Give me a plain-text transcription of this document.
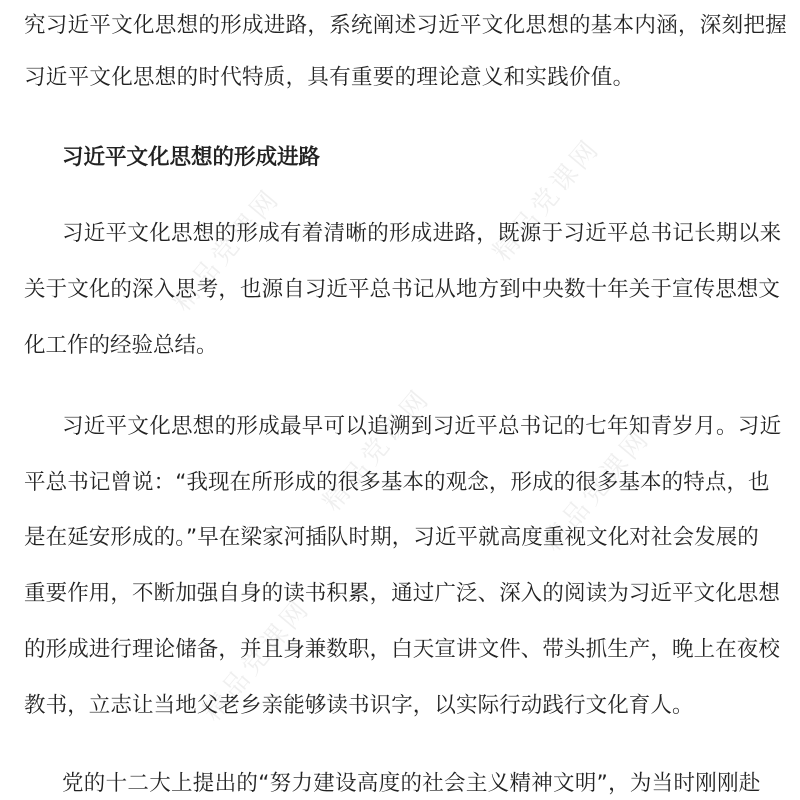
精品党课网	精品党课网
精品党课网	精品党课网
精品党课网
究习近平文化思想的形成进路，系统阐述习近平文化思想的基本内涵，深刻把握
习近平文化思想的时代特质，具有重要的理论意义和实践价值。
习近平文化思想的形成进路
习近平文化思想的形成有着清晰的形成进路，既源于习近平总书记长期以来
关于文化的深入思考，也源自习近平总书记从地方到中央数十年关于宣传思想文
化工作的经验总结。
习近平文化思想的形成最早可以追溯到习近平总书记的七年知青岁月。习近
平总书记曾说：“我现在所形成的很多基本的观念，形成的很多基本的特点，也
是在延安形成的。”早在梁家河插队时期，习近平就高度重视文化对社会发展的
重要作用，不断加强自身的读书积累，通过广泛、深入的阅读为习近平文化思想
的形成进行理论储备，并且身兼数职，白天宣讲文件、带头抓生产，晚上在夜校
教书，立志让当地父老乡亲能够读书识字，以实际行动践行文化育人。
党的十二大上提出的“努力建设高度的社会主义精神文明”，为当时刚刚赴
